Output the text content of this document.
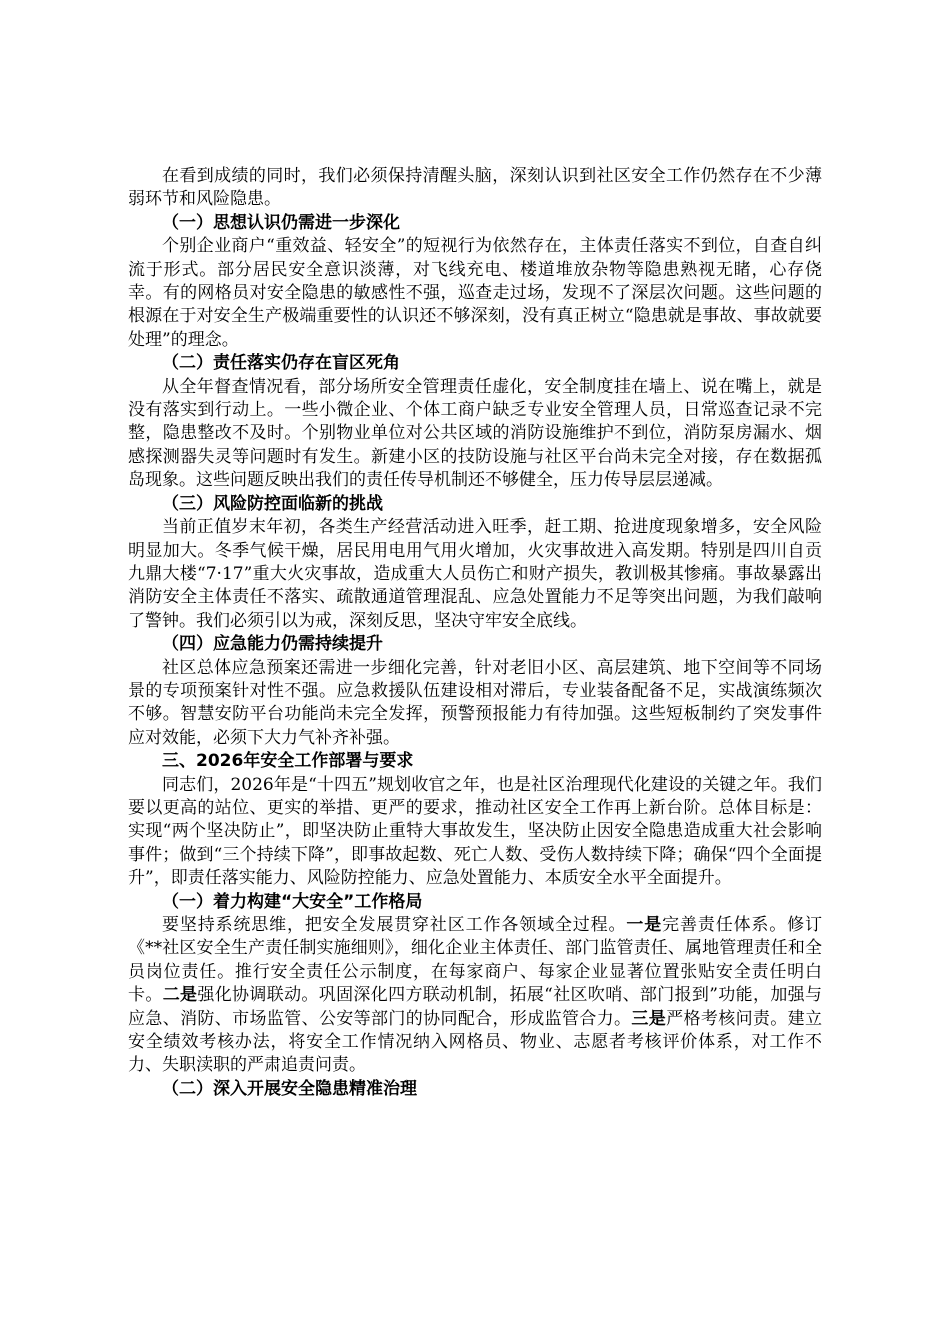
在看到成绩的同时，我们必须保持清醒头脑，深刻认识到社区安全工作仍然存在不少薄弱环节和风险隐患。

（一）思想认识仍需进一步深化

个别企业商户“重效益、轻安全”的短视行为依然存在，主体责任落实不到位，自查自纠流于形式。部分居民安全意识淡薄，对飞线充电、楼道堆放杂物等隐患熟视无睹，心存侥幸。有的网格员对安全隐患的敏感性不强，巡查走过场，发现不了深层次问题。这些问题的根源在于对安全生产极端重要性的认识还不够深刻，没有真正树立“隐患就是事故、事故就要处理”的理念。

（二）责任落实仍存在盲区死角

从全年督查情况看，部分场所安全管理责任虚化，安全制度挂在墙上、说在嘴上，就是没有落实到行动上。一些小微企业、个体工商户缺乏专业安全管理人员，日常巡查记录不完整，隐患整改不及时。个别物业单位对公共区域的消防设施维护不到位，消防泵房漏水、烟感探测器失灵等问题时有发生。新建小区的技防设施与社区平台尚未完全对接，存在数据孤岛现象。这些问题反映出我们的责任传导机制还不够健全，压力传导层层递减。

（三）风险防控面临新的挑战

当前正值岁末年初，各类生产经营活动进入旺季，赶工期、抢进度现象增多，安全风险明显加大。冬季气候干燥，居民用电用气用火增加，火灾事故进入高发期。特别是四川自贡九鼎大楼“7·17”重大火灾事故，造成重大人员伤亡和财产损失，教训极其惨痛。事故暴露出消防安全主体责任不落实、疏散通道管理混乱、应急处置能力不足等突出问题，为我们敲响了警钟。我们必须引以为戒，深刻反思，坚决守牢安全底线。

（四）应急能力仍需持续提升

社区总体应急预案还需进一步细化完善，针对老旧小区、高层建筑、地下空间等不同场景的专项预案针对性不强。应急救援队伍建设相对滞后，专业装备配备不足，实战演练频次不够。智慧安防平台功能尚未完全发挥，预警预报能力有待加强。这些短板制约了突发事件应对效能，必须下大力气补齐补强。

三、2026年安全工作部署与要求

同志们，2026年是“十四五”规划收官之年，也是社区治理现代化建设的关键之年。我们要以更高的站位、更实的举措、更严的要求，推动社区安全工作再上新台阶。总体目标是：实现“两个坚决防止”，即坚决防止重特大事故发生，坚决防止因安全隐患造成重大社会影响事件；做到“三个持续下降”，即事故起数、死亡人数、受伤人数持续下降；确保“四个全面提升”，即责任落实能力、风险防控能力、应急处置能力、本质安全水平全面提升。

（一）着力构建“大安全”工作格局

要坚持系统思维，把安全发展贯穿社区工作各领域全过程。一是完善责任体系。修订《**社区安全生产责任制实施细则》，细化企业主体责任、部门监管责任、属地管理责任和全员岗位责任。推行安全责任公示制度，在每家商户、每家企业显著位置张贴安全责任明白卡。二是强化协调联动。巩固深化四方联动机制，拓展“社区吹哨、部门报到”功能，加强与应急、消防、市场监管、公安等部门的协同配合，形成监管合力。三是严格考核问责。建立安全绩效考核办法，将安全工作情况纳入网格员、物业、志愿者考核评价体系，对工作不力、失职渎职的严肃追责问责。

（二）深入开展安全隐患精准治理
